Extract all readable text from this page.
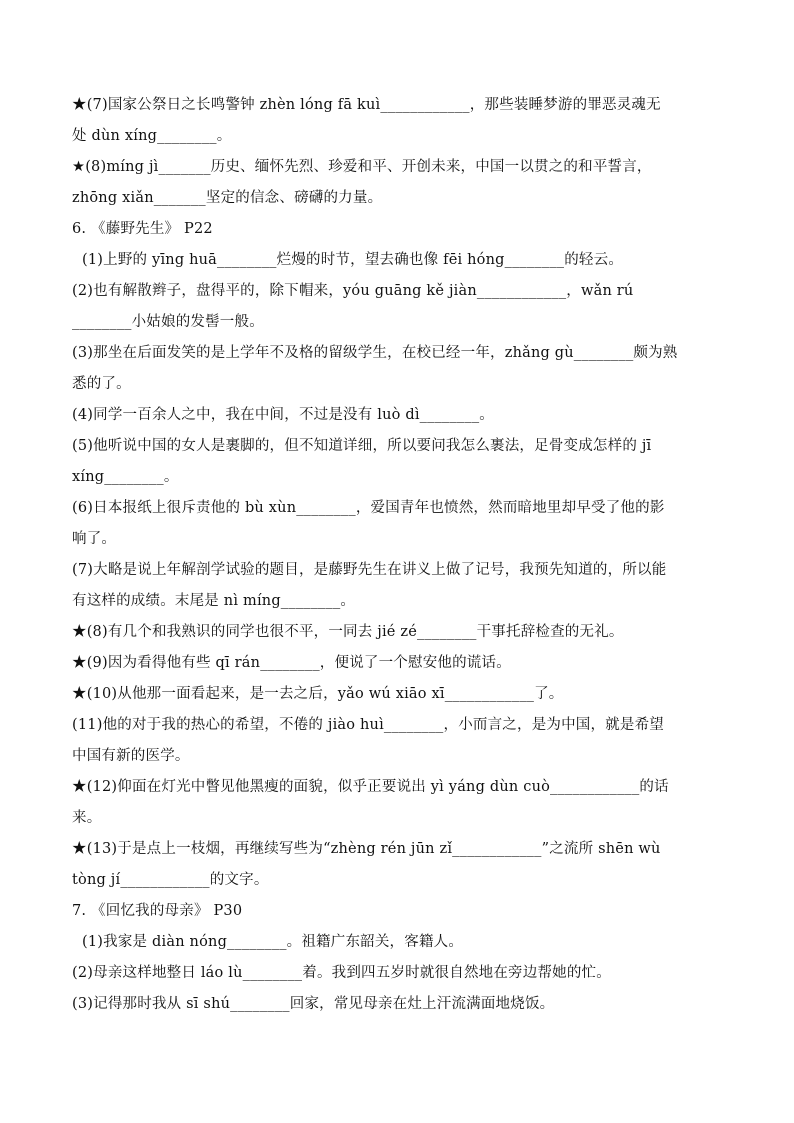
★(7)国家公祭日之长鸣警钟 zhèn lóng fā kuì____________，那些装睡梦游的罪恶灵魂无
处 dùn xíng________。
★(8)míng jì_______历史、缅怀先烈、珍爱和平、开创未来，中国一以贯之的和平誓言，
zhōng xiǎn_______坚定的信念、磅礴的力量。
6. 《藤野先生》 P22
(1)上野的 yīng huā________烂熳的时节，望去确也像 fēi hóng________的轻云。
(2)也有解散辫子，盘得平的，除下帽来，yóu guāng kě jiàn____________，wǎn rú
________小姑娘的发髻一般。
(3)那坐在后面发笑的是上学年不及格的留级学生，在校已经一年，zhǎng gù________颇为熟
悉的了。
(4)同学一百余人之中，我在中间，不过是没有 luò dì________。
(5)他听说中国的女人是裹脚的，但不知道详细，所以要问我怎么裹法，足骨变成怎样的 jī
xíng________。
(6)日本报纸上很斥责他的 bù xùn________，爱国青年也愤然，然而暗地里却早受了他的影
响了。
(7)大略是说上年解剖学试验的题目，是藤野先生在讲义上做了记号，我预先知道的，所以能
有这样的成绩。末尾是 nì míng________。
★(8)有几个和我熟识的同学也很不平，一同去 jié zé________干事托辞检查的无礼。
★(9)因为看得他有些 qī rán________，便说了一个慰安他的谎话。
★(10)从他那一面看起来，是一去之后，yǎo wú xiāo xī____________了。
(11)他的对于我的热心的希望，不倦的 jiào huì________，小而言之，是为中国，就是希望
中国有新的医学。
★(12)仰面在灯光中瞥见他黑瘦的面貌，似乎正要说出 yì yáng dùn cuò____________的话
来。
★(13)于是点上一枝烟，再继续写些为“zhèng rén jūn zǐ____________”之流所 shēn wù
tòng jí____________的文字。
7. 《回忆我的母亲》 P30
(1)我家是 diàn nóng________。祖籍广东韶关，客籍人。
(2)母亲这样地整日 láo lù________着。我到四五岁时就很自然地在旁边帮她的忙。
(3)记得那时我从 sī shú________回家，常见母亲在灶上汗流满面地烧饭。
